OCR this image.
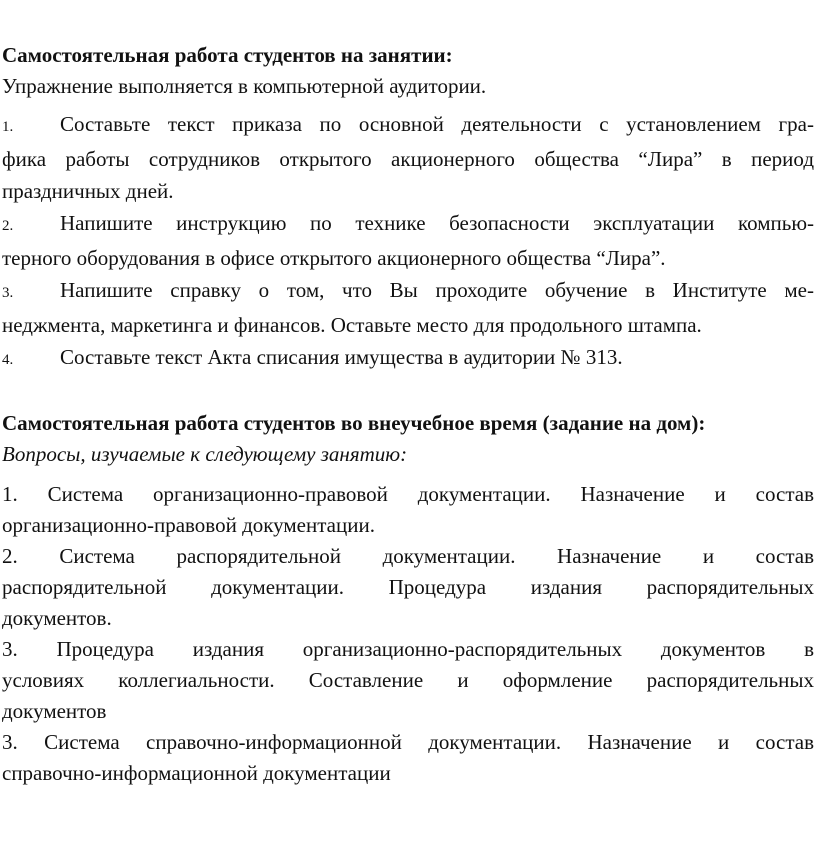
Самостоятельная работа студентов на занятии:
Упражнение выполняется в компьютерной аудитории.
1. Составьте текст приказа по основной деятельности с установлением гра-
фика работы сотрудников открытого акционерного общества “Лира” в период
праздничных дней.
2. Напишите инструкцию по технике безопасности эксплуатации компью-
терного оборудования в офисе открытого акционерного общества “Лира”.
3. Напишите справку о том, что Вы проходите обучение в Институте ме-
неджмента, маркетинга и финансов. Оставьте место для продольного штампа.
4. Составьте текст Акта списания имущества в аудитории № 313.
Самостоятельная работа студентов во внеучебное время (задание на дом):
Вопросы, изучаемые к следующему занятию:
1. Система организационно-правовой документации. Назначение и состав
организационно-правовой документации.
2. Система распорядительной документации. Назначение и состав
распорядительной документации. Процедура издания распорядительных
документов.
3. Процедура издания организационно-распорядительных документов в
условиях коллегиальности. Составление и оформление распорядительных
документов
3. Система справочно-информационной документации. Назначение и состав
справочно-информационной документации
